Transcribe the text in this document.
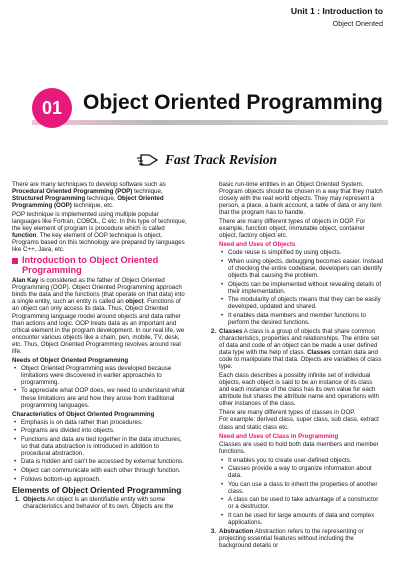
Unit 1 : Introduction to
Object Oriented
01 Object Oriented Programming
Fast Track Revision
There are many techniques to develop software such as Procedural Oriented Programming (POP) technique, Structured Programming technique, Object Oriented Programming (OOP) technique, etc.
POP technique is implemented using multiple popular languages like Fortran, COBOL, C etc. In this type of technique, the key element of program is procedure which is called function. The key element of OOP technique is object. Programs based on this technology are prepared by languages like C++, Java, etc.
Introduction to Object Oriented Programming
Alan Kay is considered as the father of Object Oriented Programming (OOP). Object Oriented Programming approach binds the data and the functions (that operate on that data) into a single entity, such an entity is called an object. Functions of an object can only access its data. Thus, Object Oriented Programming language model around objects and data rather than actions and logic. OOP treats data as an important and critical element in the program development. In our real life, we encounter various objects like a chain, pen, mobile, TV, desk, etc. Thus, Object Oriented Programming revolves around real life.
Needs of Object Oriented Programming
• Object Oriented Programming was developed because limitations were discovered in earlier approaches to programming.
• To appreciate what OOP does, we need to understand what these limitations are and how they arose from traditional programming languages.
Characteristics of Object Oriented Programming
• Emphasis is on data rather than procedures.
• Programs are divided into objects.
• Functions and data are tied together in the data structures, so that data abstraction is introduced in addition to procedural abstraction.
• Data is hidden and can't be accessed by external functions.
• Object can communicate with each other through function.
• Follows bottom-up approach.
Elements of Object Oriented Programming
1. Objects An object is an identifiable entity with some characteristics and behavior of its own. Objects are the
basic run-time entities in an Object Oriented System. Program objects should be chosen in a way that they match closely with the real world objects. They may represent a person, a place, a bank account, a table of data or any item that the program has to handle.
There are many different types of objects in OOP. For example, function object, immutable object, container object, factory object etc.
Need and Uses of Objects
• Code reuse is simplified by using objects.
• When using objects, debugging becomes easier. Instead of checking the entire codebase, developers can identify objects that causing the problem.
• Objects can be implemented without revealing details of their implementation.
• The modularity of objects means that they can be easily developed, updated and shared.
• It enables data members and member functions to perform the desired functions.
2. Classes A class is a group of objects that share common characteristics, properties and relationships. The entire set of data and code of an object can be made a user defined data type with the help of class. Classes contain data and code to manipulate that data. Objects are variables of class type.
Each class describes a possibly infinite set of individual objects, each object is said to be an instance of its class and each instance of the class has its own value for each attribute but shares the attribute name and operations with other instances of the class.
There are many different types of classes in OOP.
For example; derived class, super class, sub class, extract class and static class etc.
Need and Uses of Class in Programming
Classes are used to hold both data members and member functions.
• It enables you to create user-defined objects.
• Classes provide a way to organize information about data.
• You can use a class to inherit the properties of another class.
• A class can be used to take advantage of a constructor or a destructor.
• It can be used for large amounts of data and complex applications.
3. Abstraction Abstraction refers to the representing or projecting essential features without including the background details or
